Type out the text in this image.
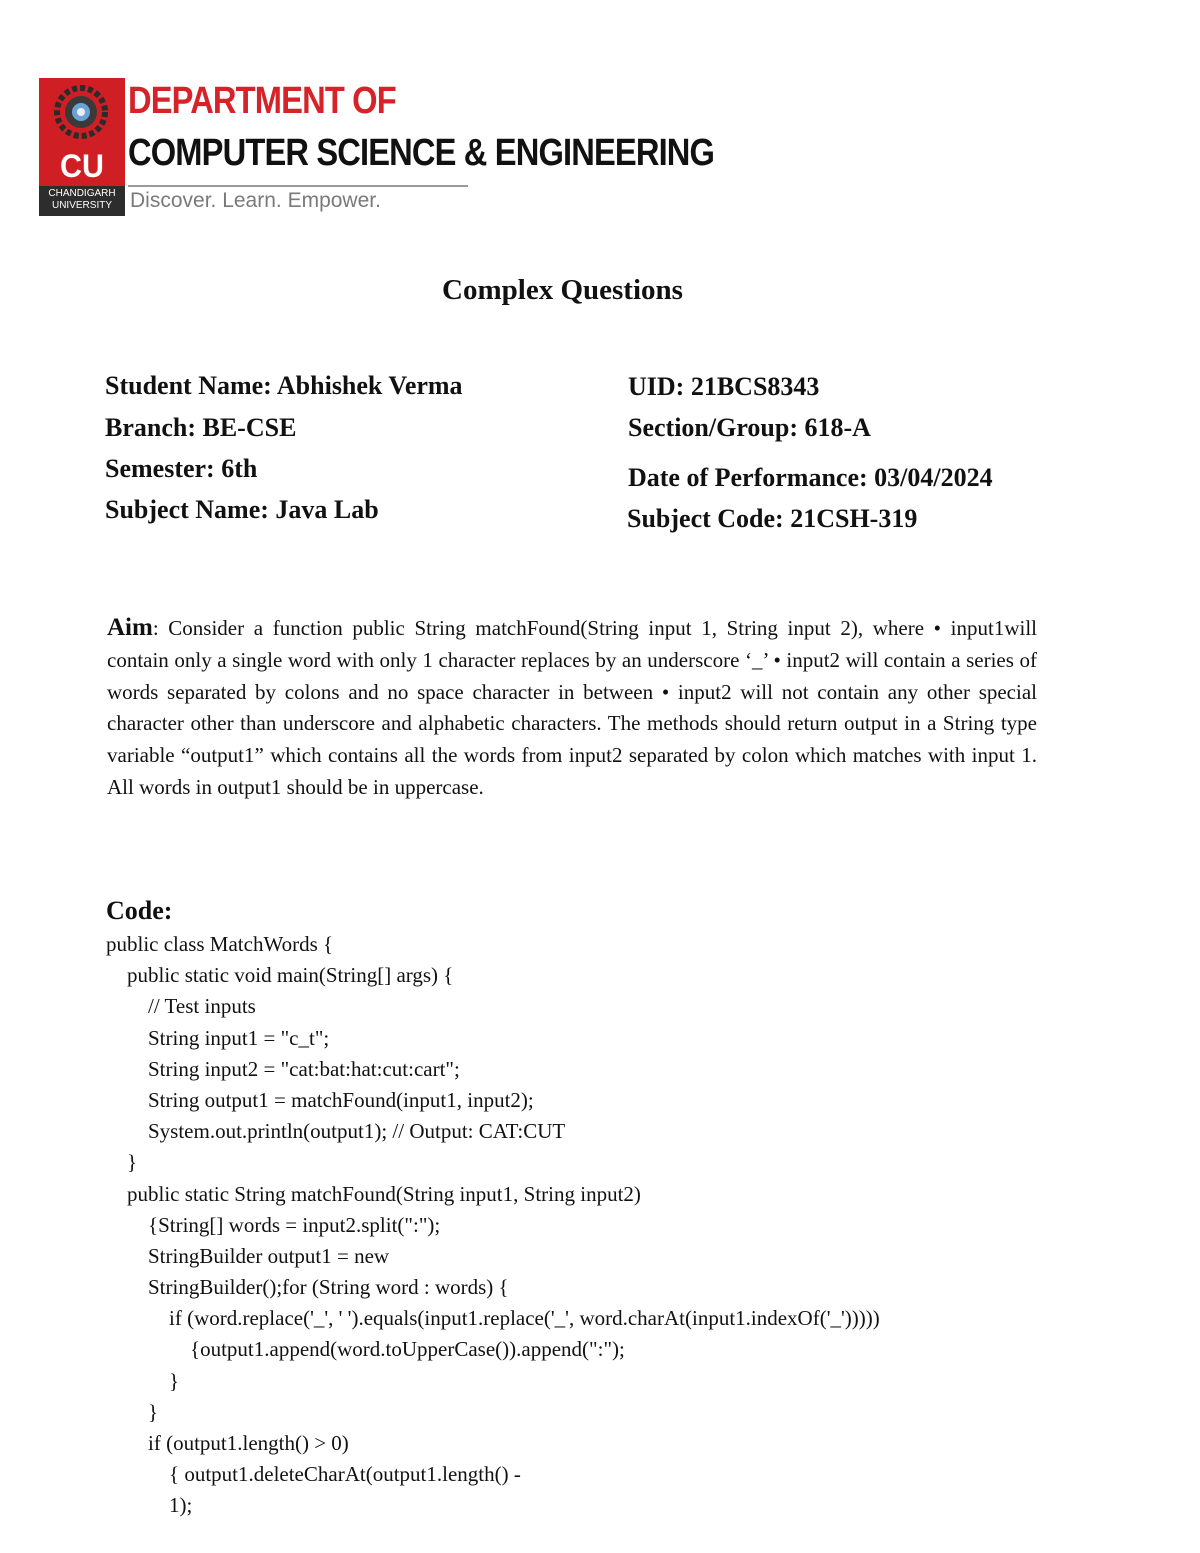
CU
CHANDIGARH UNIVERSITY
DEPARTMENT OF
COMPUTER SCIENCE & ENGINEERING
Discover. Learn. Empower.
Complex Questions
Student Name: Abhishek Verma
Branch: BE-CSE
Semester: 6th
Subject Name: Java Lab
UID: 21BCS8343
Section/Group: 618-A
Date of Performance: 03/04/2024
Subject Code: 21CSH-319
Aim: Consider a function public String matchFound(String input 1, String input 2), where • input1will contain only a single word with only 1 character replaces by an underscore ‘_’ • input2 will contain a series of words separated by colons and no space character in between • input2 will not contain any other special character other than underscore and alphabetic characters. The methods should return output in a String type variable “output1” which contains all the words from input2 separated by colon which matches with input 1. All words in output1 should be in uppercase.
Code:
public class MatchWords {
public static void main(String[] args) {
// Test inputs
String input1 = "c_t";
String input2 = "cat:bat:hat:cut:cart";
String output1 = matchFound(input1, input2);
System.out.println(output1); // Output: CAT:CUT
}
public static String matchFound(String input1, String input2)
{String[] words = input2.split(":");
StringBuilder output1 = new
StringBuilder();for (String word : words) {
if (word.replace('_', ' ').equals(input1.replace('_', word.charAt(input1.indexOf('_')))))
{output1.append(word.toUpperCase()).append(":");
}
}
if (output1.length() > 0)
{ output1.deleteCharAt(output1.length() -
1);
